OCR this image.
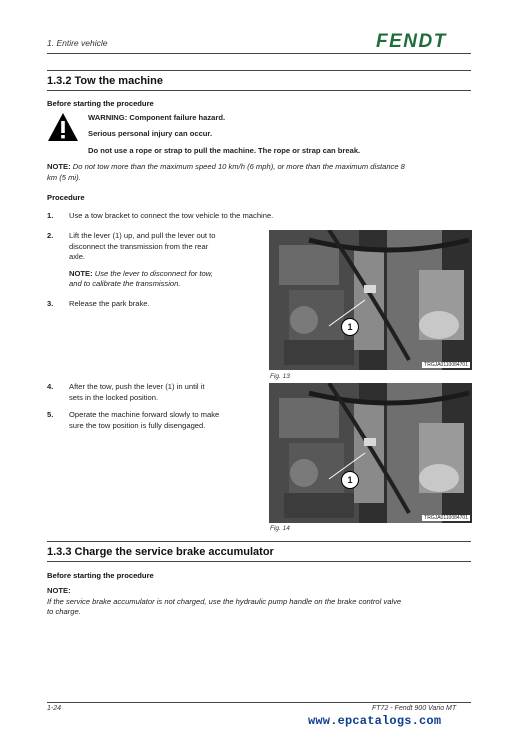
1. Entire vehicle	FENDT
1.3.2 Tow the machine
Before starting the procedure
WARNING: Component failure hazard.
Serious personal injury can occur.
Do not use a rope or strap to pull the machine. The rope or strap can break.
NOTE: Do not tow more than the maximum speed 10 km/h (6 mph), or more than the maximum distance 8
km (5 mi).
Procedure
1. Use a tow bracket to connect the tow vehicle to the machine.
2. Lift the lever (1) up, and pull the lever out to
disconnect the transmission from the rear
axle.
NOTE: Use the lever to disconnect for tow,
and to calibrate the transmission.
3. Release the park brake.
4. After the tow, push the lever (1) in until it
sets in the locked position.
5. Operate the machine forward slowly to make
sure the tow position is fully disengaged.
1
TRGJA0110084701
Fig. 13
1
TRGJA0110084701
Fig. 14
1.3.3 Charge the service brake accumulator
Before starting the procedure
NOTE:
If the service brake accumulator is not charged, use the hydraulic pump handle on the brake control valve
to charge.
1-24	FT72 - Fendt 900 Vario MT
www.epcatalogs.com
